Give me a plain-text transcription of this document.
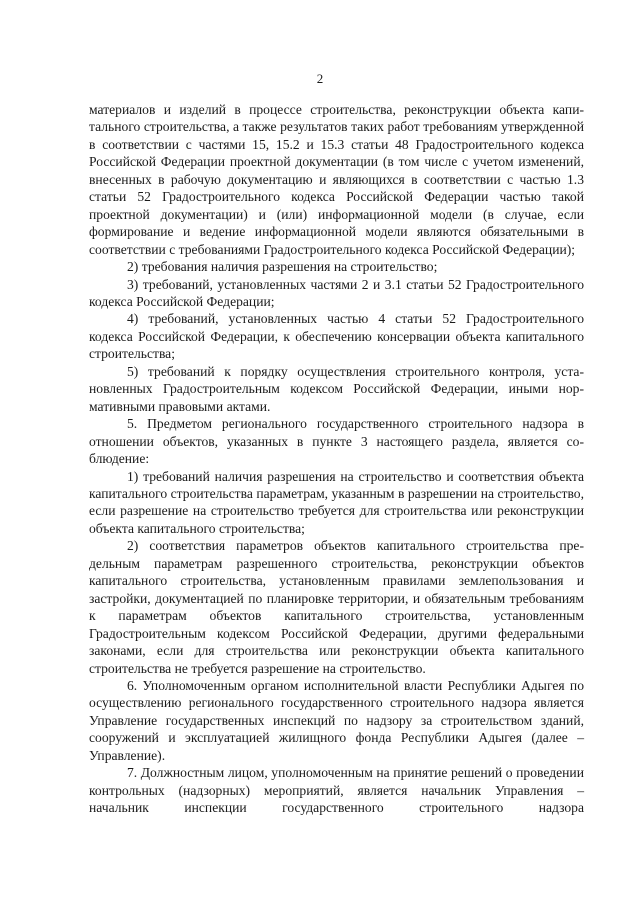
2

материалов и изделий в процессе строительства, реконструкции объекта капитального строительства, а также результатов таких работ требованиям утвержденной в соответствии с частями 15, 15.2 и 15.3 статьи 48 Градостроительного кодекса Российской Федерации проектной документации (в том числе с учетом изменений, внесенных в рабочую документацию и являющихся в соответствии с частью 1.3 статьи 52 Градостроительного кодекса Российской Федерации частью такой проектной документации) и (или) информационной модели (в случае, если формирование и ведение информационной модели являются обязательными в соответствии с требованиями Градостроительного кодекса Российской Федерации);

2) требования наличия разрешения на строительство;

3) требований, установленных частями 2 и 3.1 статьи 52 Градостроительного кодекса Российской Федерации;

4) требований, установленных частью 4 статьи 52 Градостроительного кодекса Российской Федерации, к обеспечению консервации объекта капитального строительства;

5) требований к порядку осуществления строительного контроля, установленных Градостроительным кодексом Российской Федерации, иными нормативными правовыми актами.

5. Предметом регионального государственного строительного надзора в отношении объектов, указанных в пункте 3 настоящего раздела, является соблюдение:

1) требований наличия разрешения на строительство и соответствия объекта капитального строительства параметрам, указанным в разрешении на строительство, если разрешение на строительство требуется для строительства или реконструкции объекта капитального строительства;

2) соответствия параметров объектов капитального строительства предельным параметрам разрешенного строительства, реконструкции объектов капитального строительства, установленным правилами землепользования и застройки, документацией по планировке территории, и обязательным требованиям к параметрам объектов капитального строительства, установленным Градостроительным кодексом Российской Федерации, другими федеральными законами, если для строительства или реконструкции объекта капитального строительства не требуется разрешение на строительство.

6. Уполномоченным органом исполнительной власти Республики Адыгея по осуществлению регионального государственного строительного надзора является Управление государственных инспекций по надзору за строительством зданий, сооружений и эксплуатацией жилищного фонда Республики Адыгея (далее – Управление).

7. Должностным лицом, уполномоченным на принятие решений о проведении контрольных (надзорных) мероприятий, является начальник Управления – начальник инспекции государственного строительного надзора
